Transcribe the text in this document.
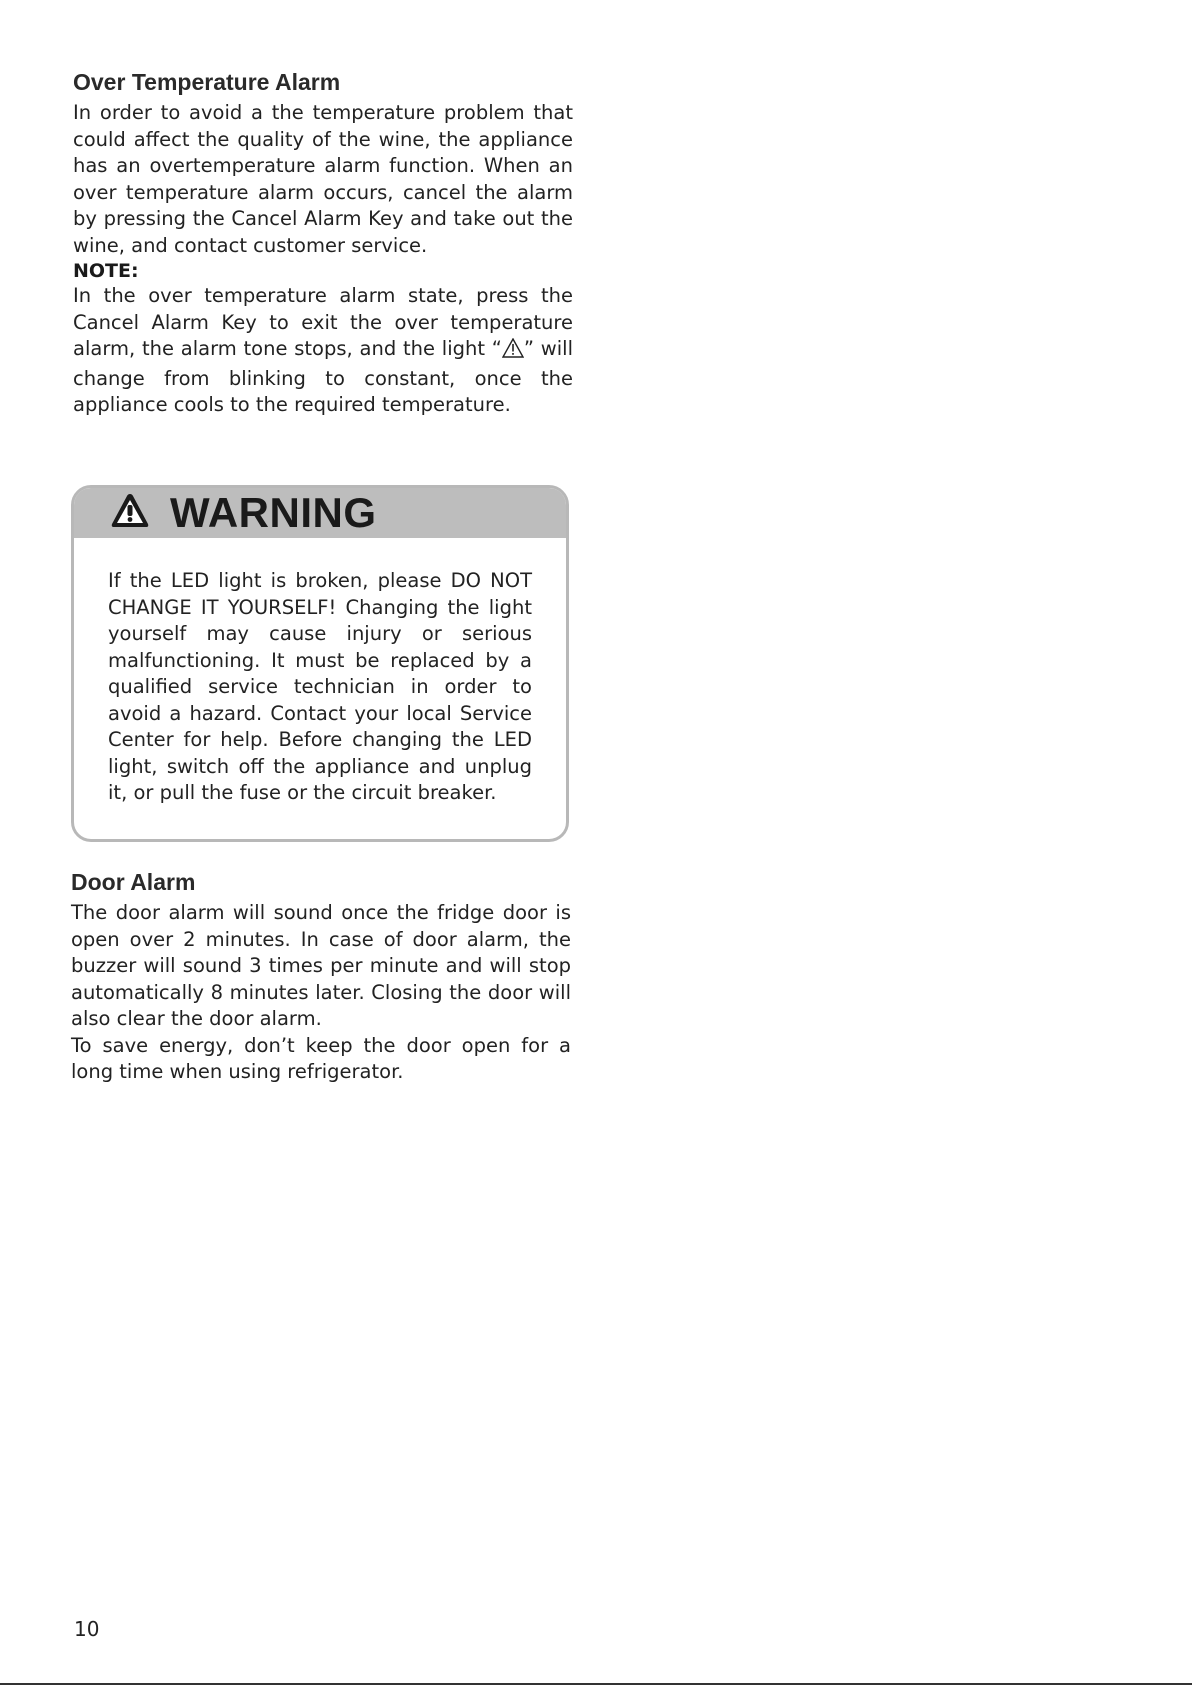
Over Temperature Alarm

In order to avoid a the temperature problem that could affect the quality of the wine, the appliance has an overtemperature alarm function. When an over temperature alarm occurs, cancel the alarm by pressing the Cancel Alarm Key and take out the wine, and contact customer service.

NOTE:

In the over temperature alarm state, press the Cancel Alarm Key to exit the over temperature alarm, the alarm tone stops, and the light “ ” will change from blinking to constant, once the appliance cools to the required temperature.

WARNING

If the LED light is broken, please DO NOT CHANGE IT YOURSELF! Changing the light yourself may cause injury or serious malfunctioning. It must be replaced by a qualified service technician in order to avoid a hazard. Contact your local Service Center for help. Before changing the LED light, switch off the appliance and unplug it, or pull the fuse or the circuit breaker.

Door Alarm

The door alarm will sound once the fridge door is open over 2 minutes. In case of door alarm, the buzzer will sound 3 times per minute and will stop automatically 8 minutes later. Closing the door will also clear the door alarm.

To save energy, don’t keep the door open for a long time when using refrigerator.

10
